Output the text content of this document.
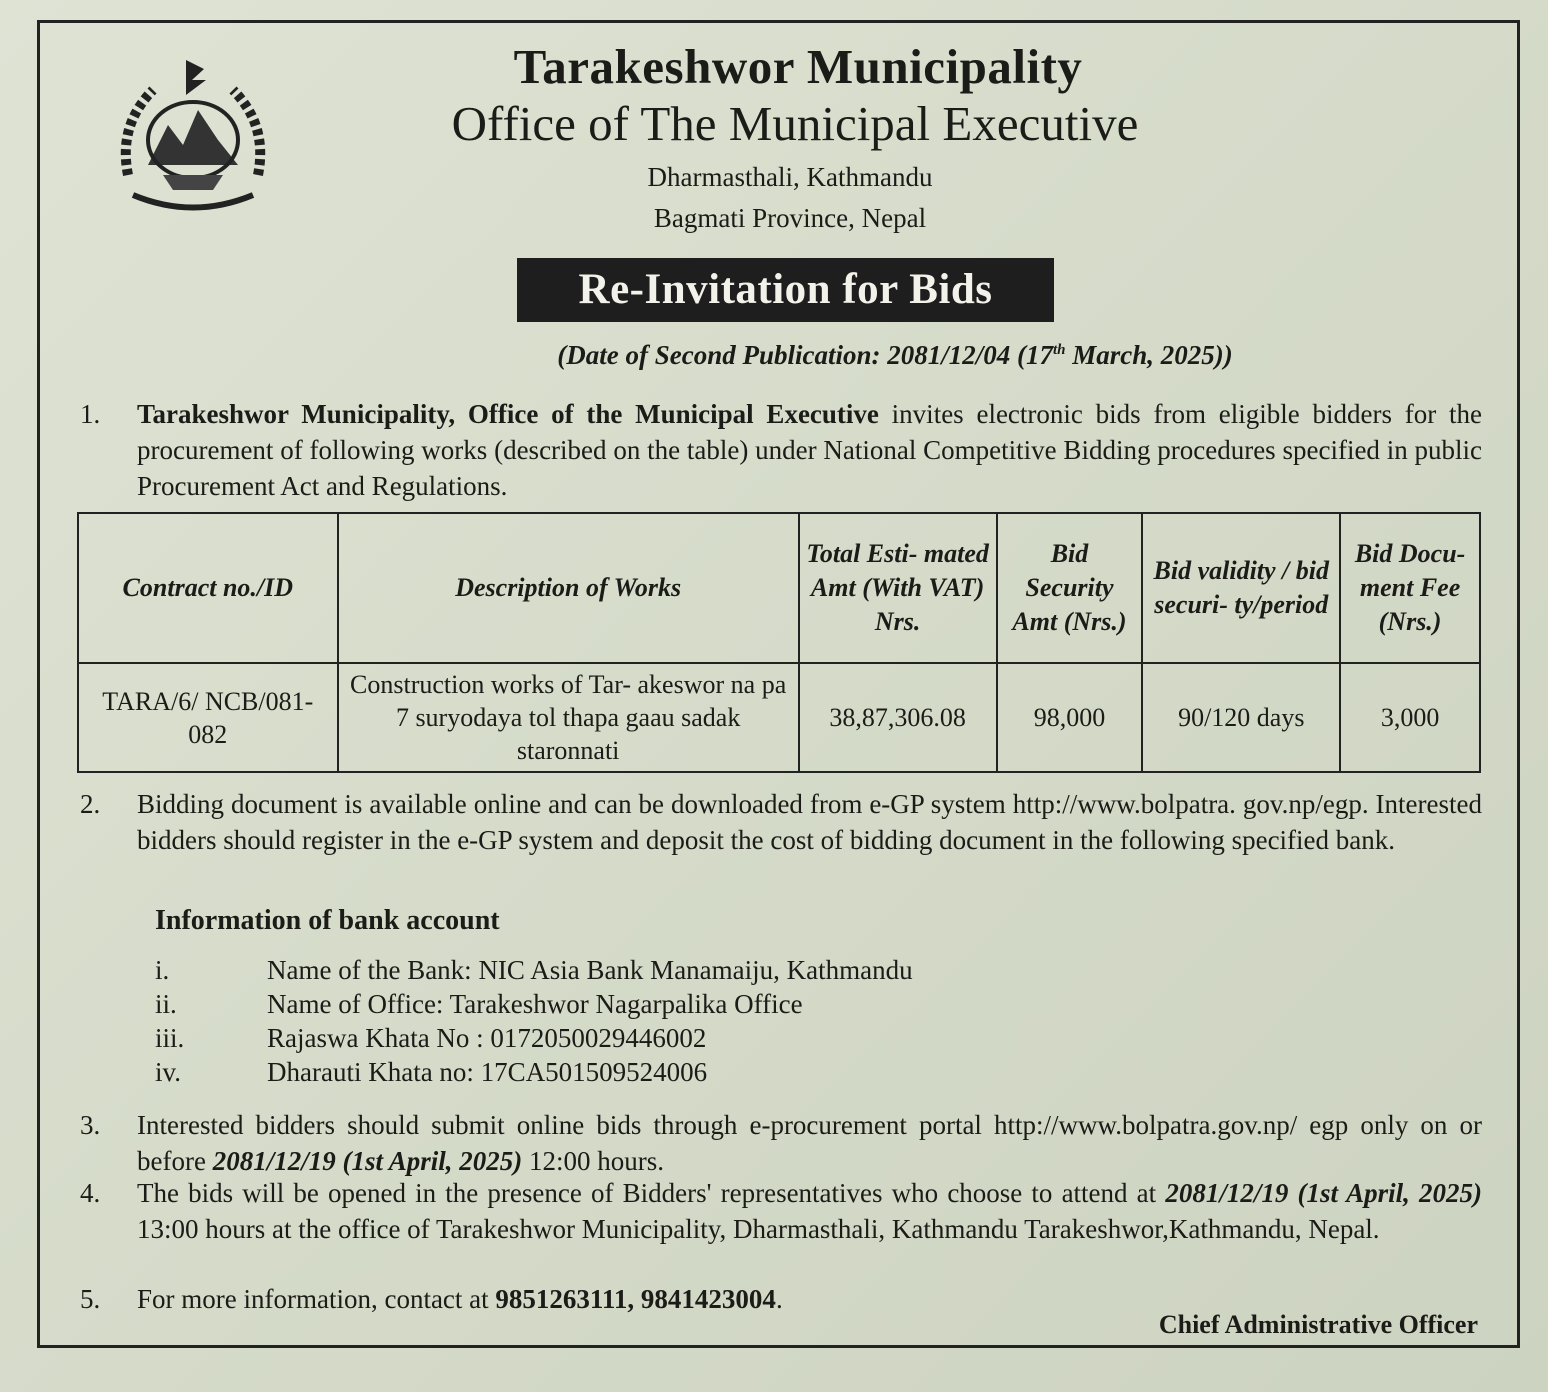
Tarakeshwor Municipality
Office of The Municipal Executive
Dharmasthali, Kathmandu
Bagmati Province, Nepal
Re-Invitation for Bids
(Date of Second Publication: 2081/12/04 (17th March, 2025))
1. Tarakeshwor Municipality, Office of the Municipal Executive invites electronic bids from eligible bidders for the procurement of following works (described on the table) under National Competitive Bidding procedures specified in public Procurement Act and Regulations.
Contract no./ID	Description of Works	Total Esti- mated Amt (With VAT) Nrs.	Bid Security Amt (Nrs.)	Bid validity / bid securi- ty/period	Bid Docu- ment Fee (Nrs.)
TARA/6/ NCB/081-082	Construction works of Tar- akeswor na pa 7 suryodaya tol thapa gaau sadak staronnati	38,87,306.08	98,000	90/120 days	3,000
2. Bidding document is available online and can be downloaded from e-GP system http://www.bolpatra. gov.np/egp. Interested bidders should register in the e-GP system and deposit the cost of bidding document in the following specified bank.
Information of bank account
i.	Name of the Bank: NIC Asia Bank Manamaiju, Kathmandu
ii.	Name of Office: Tarakeshwor Nagarpalika Office
iii.	Rajaswa Khata No : 0172050029446002
iv.	Dharauti Khata no: 17CA501509524006
3. Interested bidders should submit online bids through e-procurement portal http://www.bolpatra.gov.np/ egp only on or before 2081/12/19 (1st April, 2025) 12:00 hours.
4. The bids will be opened in the presence of Bidders' representatives who choose to attend at 2081/12/19 (1st April, 2025) 13:00 hours at the office of Tarakeshwor Municipality, Dharmasthali, Kathmandu Tarakeshwor,Kathmandu, Nepal.
5. For more information, contact at 9851263111, 9841423004.
Chief Administrative Officer
